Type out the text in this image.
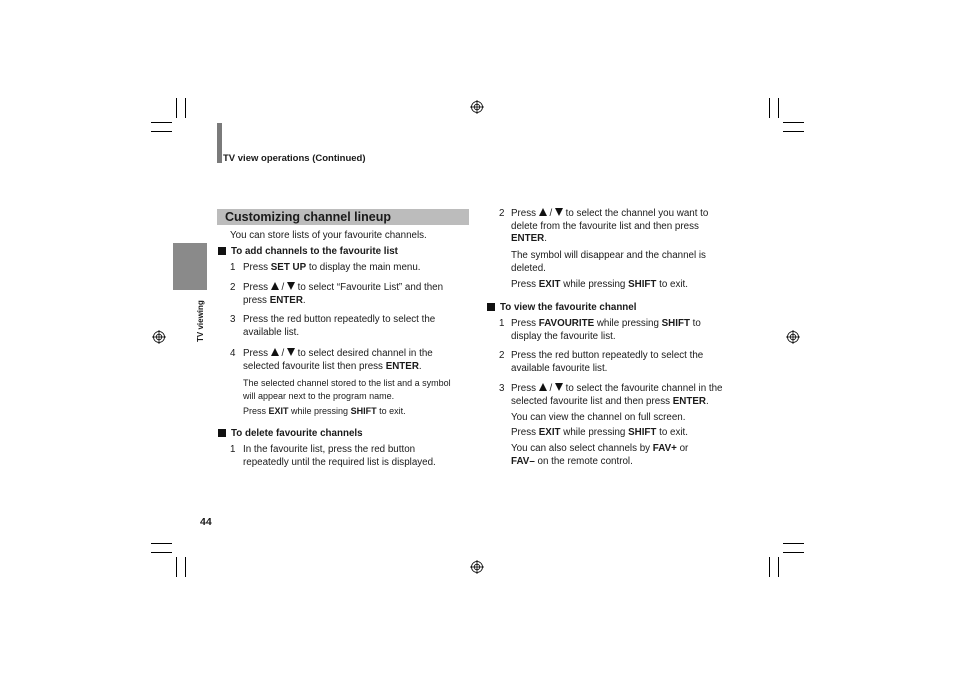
TV view operations (Continued)
TV viewing
44
Customizing channel lineup
You can store lists of your favourite channels.
To add channels to the favourite list
1 Press SET UP to display the main menu.
2 Press  /  to select “Favourite List” and then
press ENTER.
3 Press the red button repeatedly to select the
available list.
4 Press  /  to select desired channel in the
selected favourite list then press ENTER.
The selected channel stored to the list and a symbol
will appear next to the program name.
Press EXIT while pressing SHIFT to exit.
To delete favourite channels
1 In the favourite list, press the red button
repeatedly until the required list is displayed.
2 Press  /  to select the channel you want to
delete from the favourite list and then press
ENTER.
The symbol will disappear and the channel is
deleted.
Press EXIT while pressing SHIFT to exit.
To view the favourite channel
1 Press FAVOURITE while pressing SHIFT to
display the favourite list.
2 Press the red button repeatedly to select the
available favourite list.
3 Press  /  to select the favourite channel in the
selected favourite list and then press ENTER.
You can view the channel on full screen.
Press EXIT while pressing SHIFT to exit.
You can also select channels by FAV+ or
FAV– on the remote control.
